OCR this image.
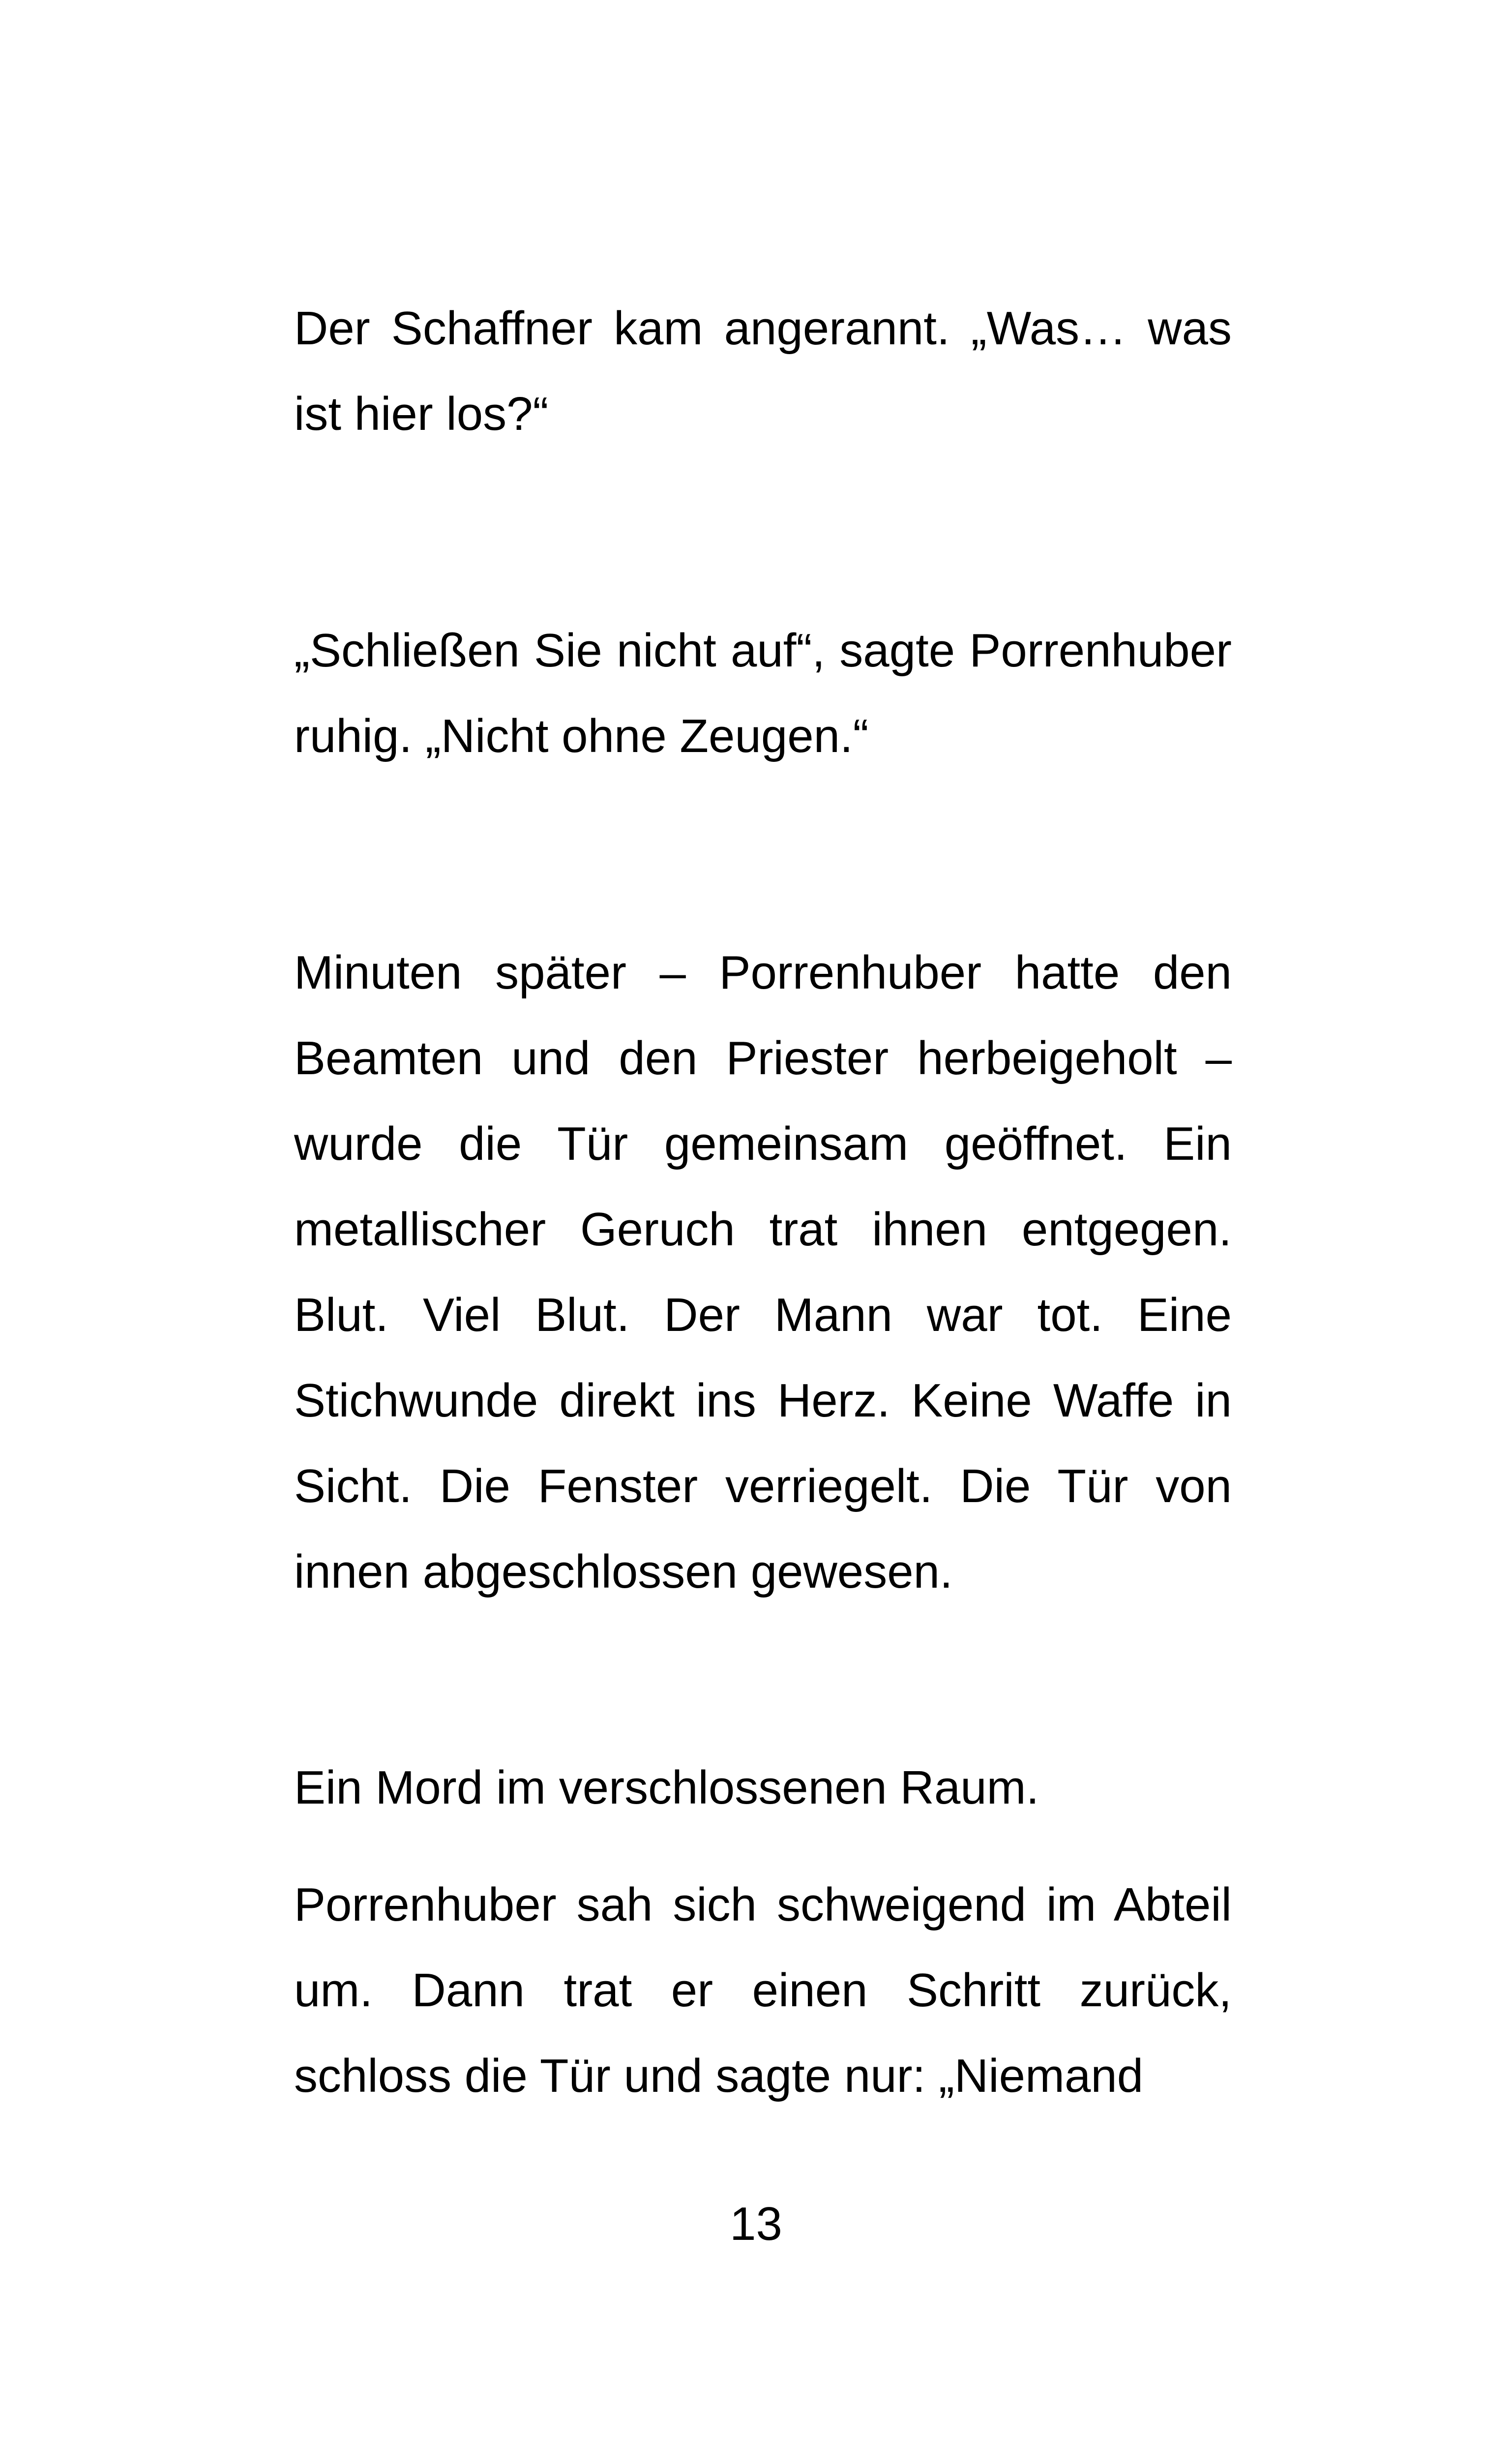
Der Schaffner kam angerannt. „Was… was ist hier los?“

„Schließen Sie nicht auf“, sagte Porrenhuber ruhig. „Nicht ohne Zeugen.“

Minuten später – Porrenhuber hatte den Beamten und den Priester herbeigeholt – wurde die Tür gemeinsam geöffnet. Ein metallischer Geruch trat ihnen entgegen. Blut. Viel Blut. Der Mann war tot. Eine Stichwunde direkt ins Herz. Keine Waffe in Sicht. Die Fenster verriegelt. Die Tür von innen abgeschlossen gewesen.

Ein Mord im verschlossenen Raum.

Porrenhuber sah sich schweigend im Abteil um. Dann trat er einen Schritt zurück, schloss die Tür und sagte nur: „Niemand

13
